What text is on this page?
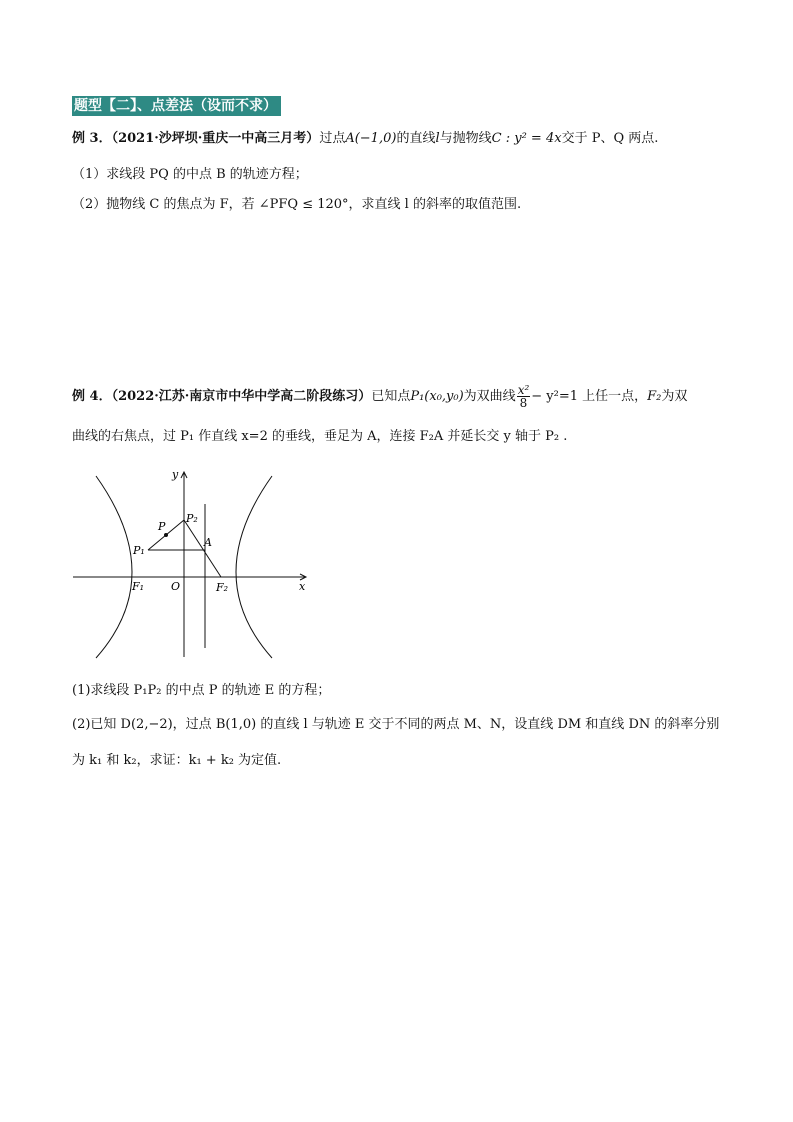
题型【二】、点差法（设而不求）
例 3．（2021·沙坪坝·重庆一中高三月考）过点A(−1,0)的直线l与抛物线C : y² = 4x交于 P、Q 两点.
（1）求线段 PQ 的中点 B 的轨迹方程；
（2）抛物线 C 的焦点为 F，若 ∠PFQ ≤ 120°，求直线 l 的斜率的取值范围.
例 4．（2022·江苏·南京市中华中学高二阶段练习）已知点P₁(x₀,y₀)为双曲线 $\frac{\text{x²}}{8} - y^2=1$ 上任一点，F₂为双
曲线的右焦点，过 P₁ 作直线 x=2 的垂线，垂足为 A，连接 F₂A 并延长交 y 轴于 P₂ .
y
x
O
F₁	F₂
P
P₁
P₂
A
(1)求线段 P₁P₂ 的中点 P 的轨迹 E 的方程；
(2)已知 D(2,−2)，过点 B(1,0) 的直线 l 与轨迹 E 交于不同的两点 M、N，设直线 DM 和直线 DN 的斜率分别
为 k₁ 和 k₂，求证：k₁ + k₂ 为定值.
